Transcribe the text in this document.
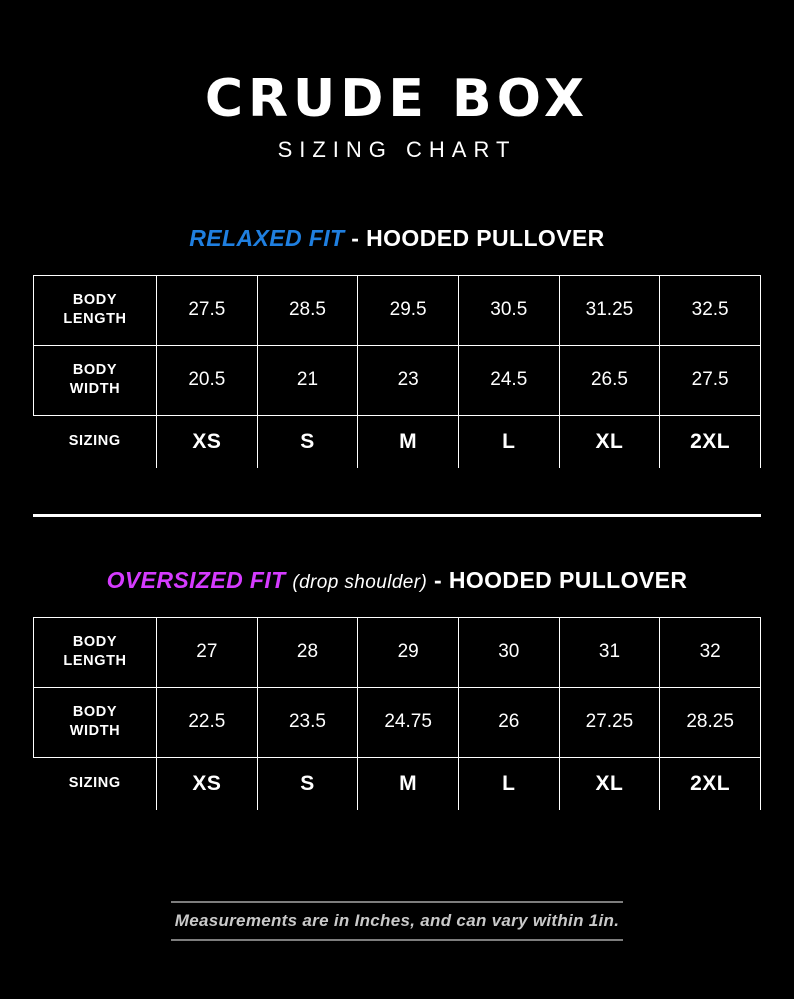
CRUDE BOX
SIZING CHART
RELAXED FIT - HOODED PULLOVER
BODY
LENGTH	27.5	28.5	29.5	30.5	31.25	32.5
BODY
WIDTH	20.5	21	23	24.5	26.5	27.5
SIZING	XS	S	M	L	XL	2XL
OVERSIZED FIT (drop shoulder) - HOODED PULLOVER
BODY
LENGTH	27	28	29	30	31	32
BODY
WIDTH	22.5	23.5	24.75	26	27.25	28.25
SIZING	XS	S	M	L	XL	2XL
Measurements are in Inches, and can vary within 1in.
